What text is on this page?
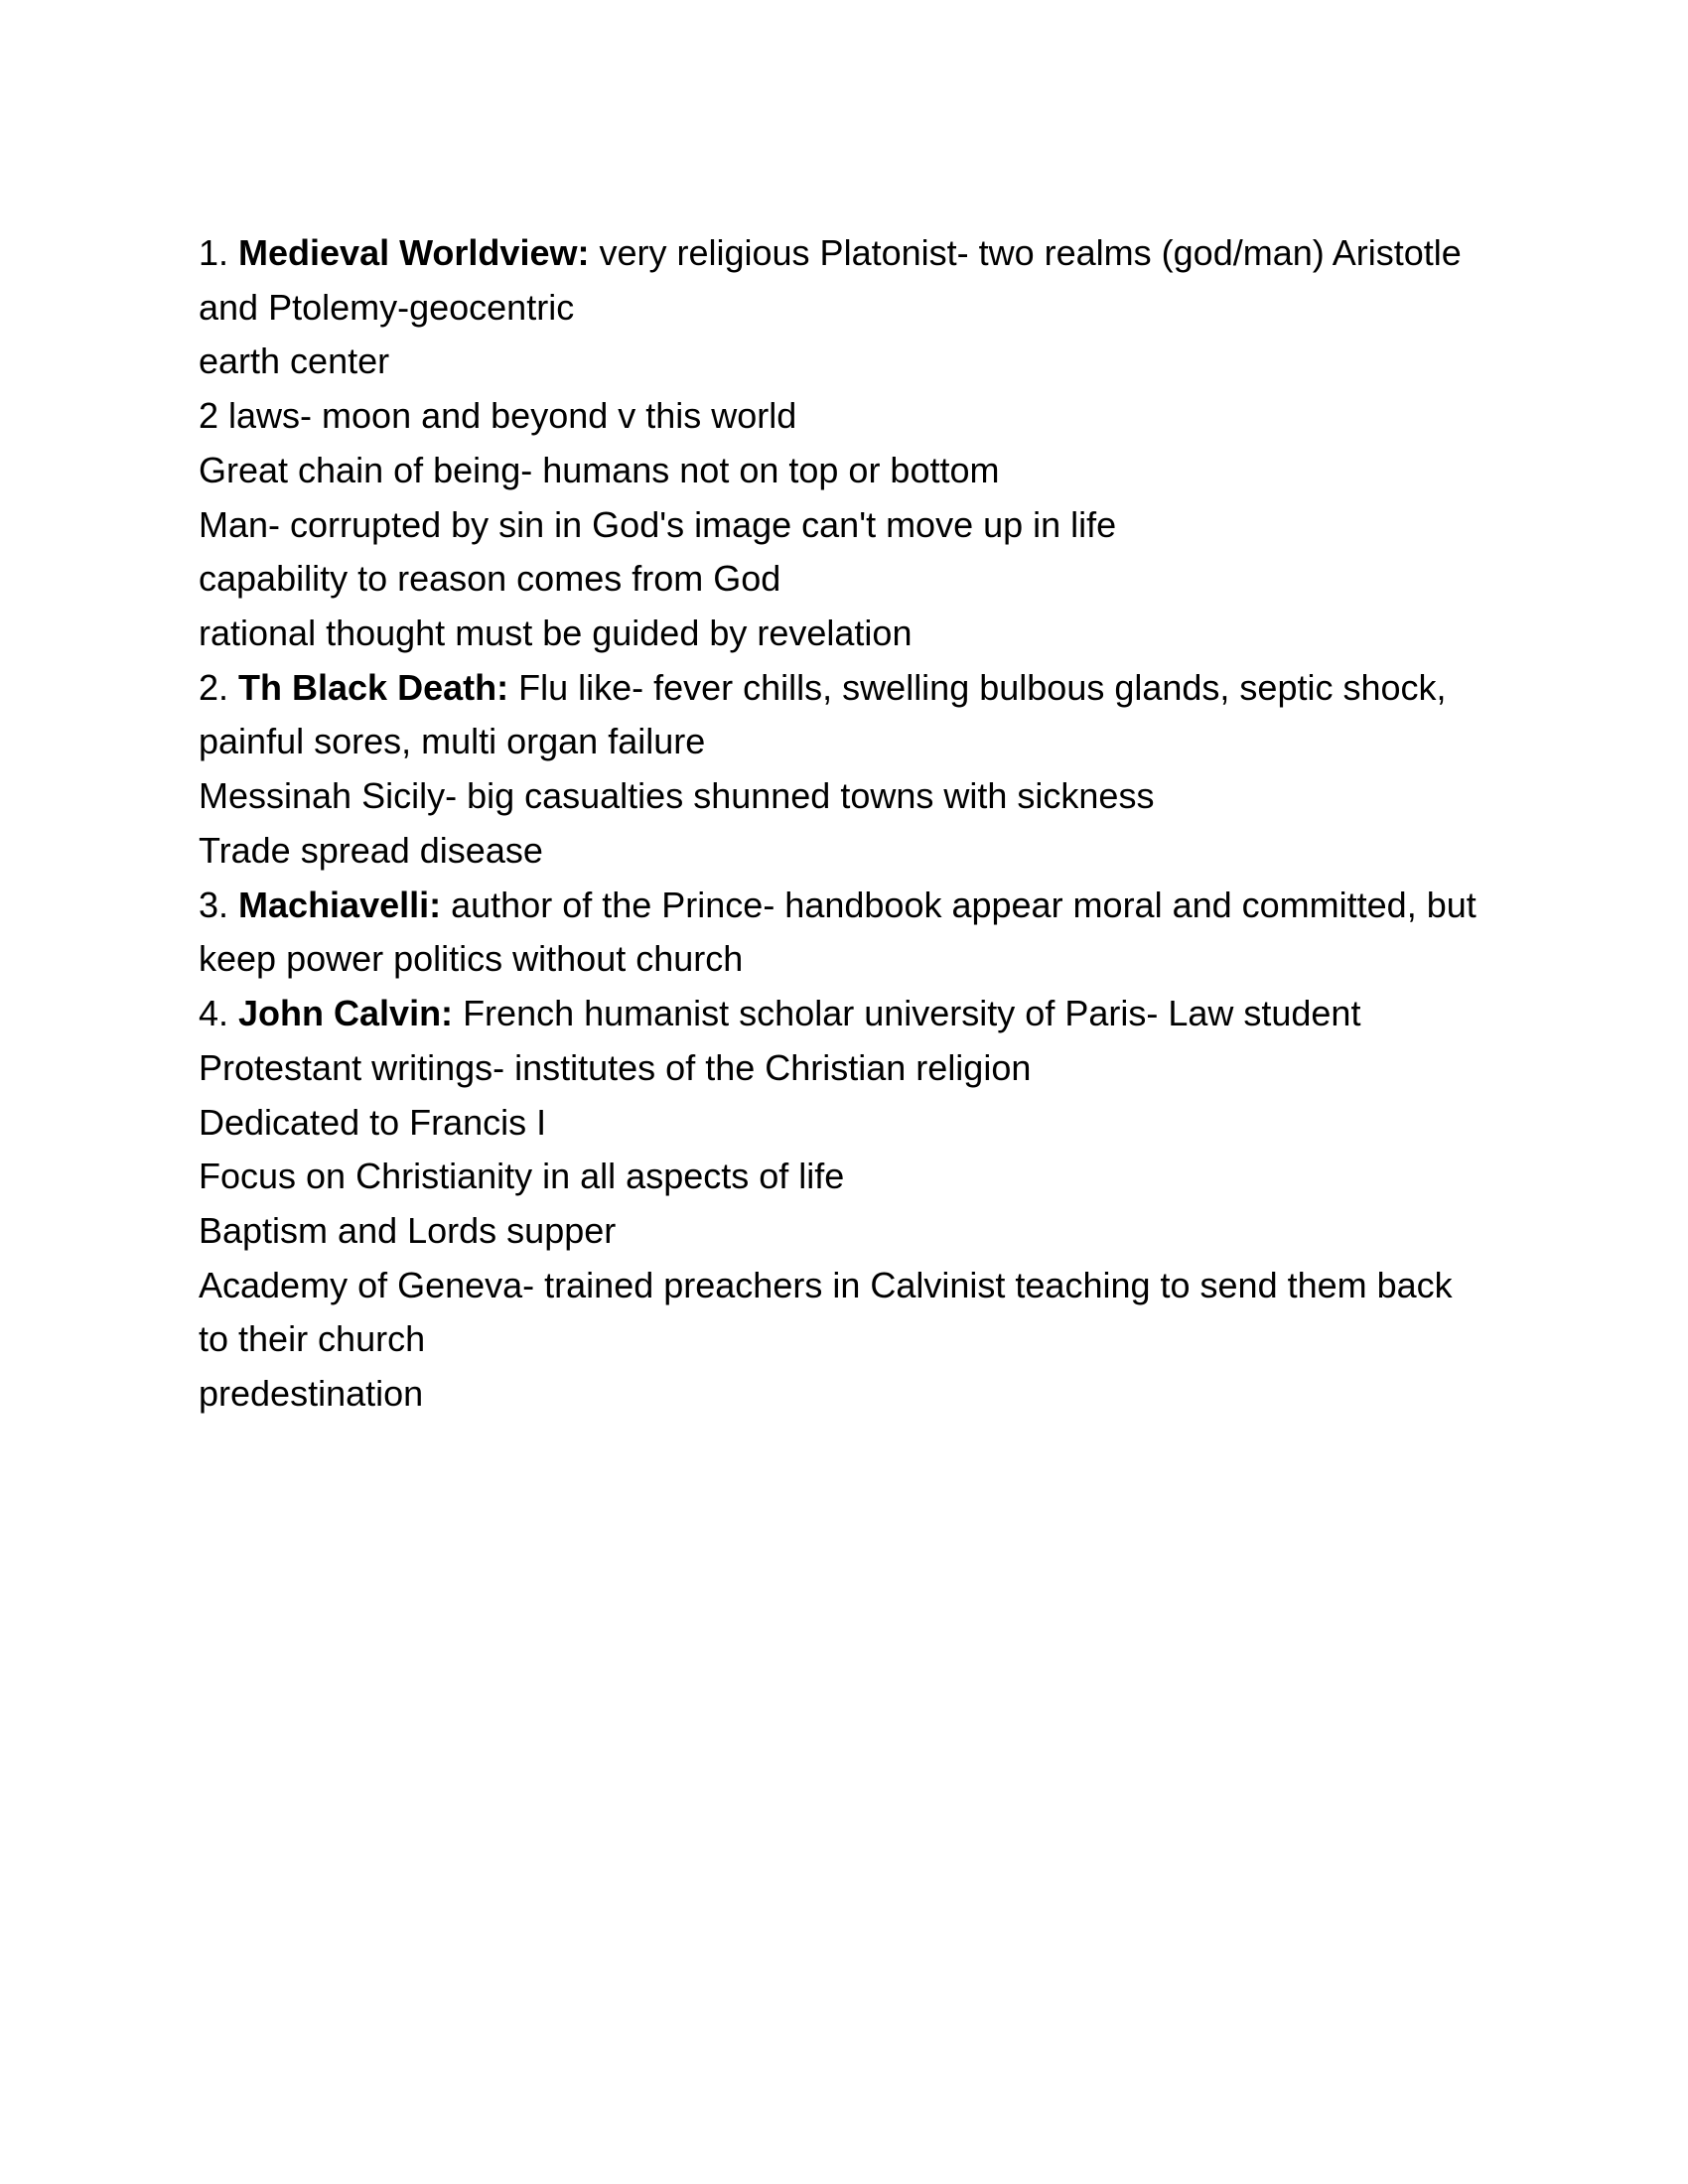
1. Medieval Worldview: very religious Platonist- two realms (god/man) Aristotle and Ptolemy-geocentric
earth center
2 laws- moon and beyond v this world
Great chain of being- humans not on top or bottom
Man- corrupted by sin in God's image can't move up in life
capability to reason comes from God
rational thought must be guided by revelation
2. Th Black Death: Flu like- fever chills, swelling bulbous glands, septic shock, painful sores, multi organ failure
Messinah Sicily- big casualties shunned towns with sickness
Trade spread disease
3. Machiavelli: author of the Prince- handbook appear moral and committed, but keep power politics without church
4. John Calvin: French humanist scholar university of Paris- Law student
Protestant writings- institutes of the Christian religion
Dedicated to Francis I
Focus on Christianity in all aspects of life
Baptism and Lords supper
Academy of Geneva- trained preachers in Calvinist teaching to send them back to their church
predestination
